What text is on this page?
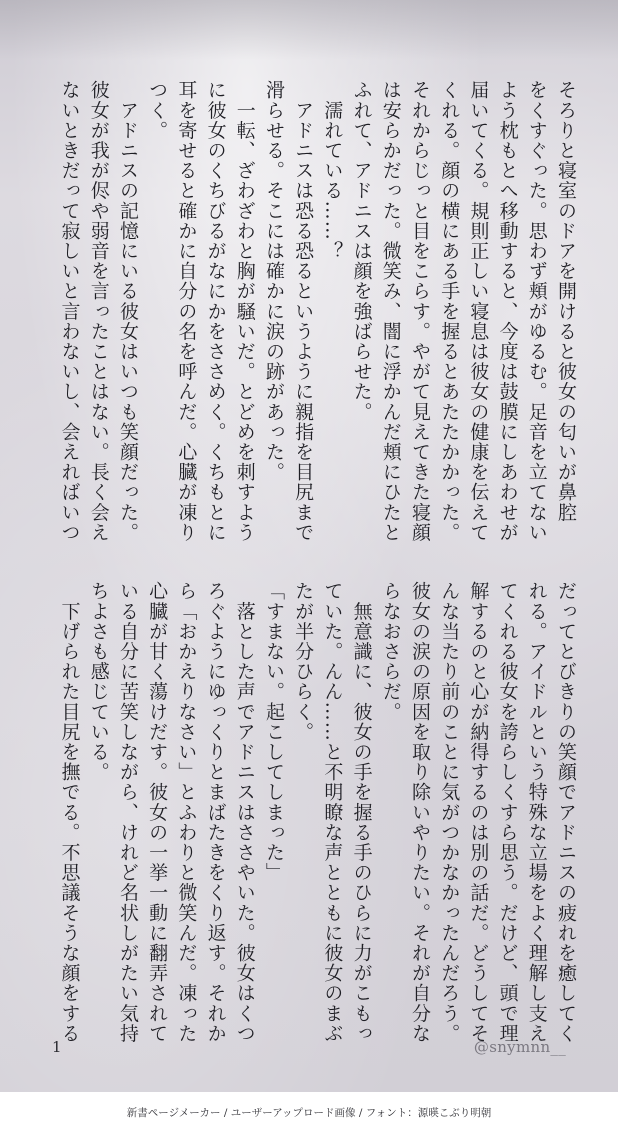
そろりと寝室のドアを開けると彼女の匂いが鼻腔
をくすぐった。思わず頬がゆるむ。足音を立てない
よう枕もとへ移動すると、今度は鼓膜にしあわせが
届いてくる。規則正しい寝息は彼女の健康を伝えて
くれる。顔の横にある手を握るとあたたかかった。
それからじっと目をこらす。やがて見えてきた寝顔
は安らかだった。微笑み、闇に浮かんだ頬にひたと
ふれて、アドニスは顔を強ばらせた。
　濡れている……？
　アドニスは恐る恐るというように親指を目尻まで
滑らせる。そこには確かに涙の跡があった。
　一転、ざわざわと胸が騒いだ。とどめを刺すよう
に彼女のくちびるがなにかをささめく。くちもとに
耳を寄せると確かに自分の名を呼んだ。心臓が凍り
つく。
　アドニスの記憶にいる彼女はいつも笑顔だった。
彼女が我が侭や弱音を言ったことはない。長く会え
ないときだって寂しいと言わないし、会えればいつ
だってとびきりの笑顔でアドニスの疲れを癒してく
れる。アイドルという特殊な立場をよく理解し支え
てくれる彼女を誇らしくすら思う。だけど、頭で理
解するのと心が納得するのは別の話だ。どうしてそ
んな当たり前のことに気がつかなかったんだろう。
彼女の涙の原因を取り除いやりたい。それが自分な
らなおさらだ。
　無意識に、彼女の手を握る手のひらに力がこもっ
ていた。んん……と不明瞭な声とともに彼女のまぶ
たが半分ひらく。
「すまない。起こしてしまった」
　落とした声でアドニスはささやいた。彼女はくつ
ろぐようにゆっくりとまばたきをくり返す。それか
ら「おかえりなさい」とふわりと微笑んだ。凍った
心臓が甘く蕩けだす。彼女の一挙一動に翻弄されて
いる自分に苦笑しながら、けれど名状しがたい気持
ちよさも感じている。
　下げられた目尻を撫でる。不思議そうな顔をする
1	@snymnn__
新書ページメーカー / ユーザーアップロード画像 / フォント：源暎こぶり明朝
